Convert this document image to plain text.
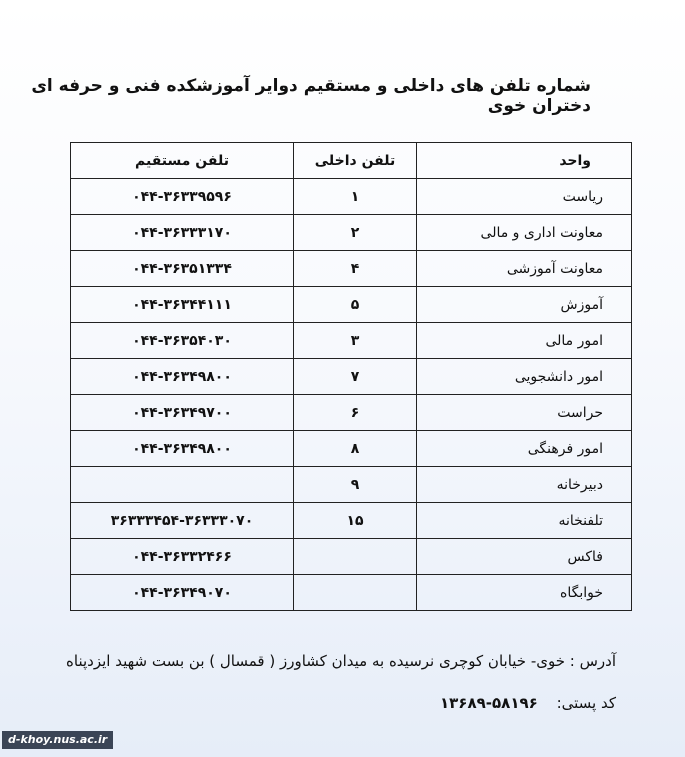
شماره تلفن های داخلی و مستقیم دوایر آموزشکده فنی و حرفه ای دختران خوی
واحد	تلفن داخلی	تلفن مستقیم
ریاست	۱	۰۴۴-۳۶۳۳۹۵۹۶
معاونت اداری و مالی	۲	۰۴۴-۳۶۳۳۳۱۷۰
معاونت آموزشی	۴	۰۴۴-۳۶۳۵۱۳۳۴
آموزش	۵	۰۴۴-۳۶۳۴۴۱۱۱
امور مالی	۳	۰۴۴-۳۶۳۵۴۰۳۰
امور دانشجویی	۷	۰۴۴-۳۶۳۴۹۸۰۰
حراست	۶	۰۴۴-۳۶۳۴۹۷۰۰
امور فرهنگی	۸	۰۴۴-۳۶۳۴۹۸۰۰
دبیرخانه	۹	
تلفنخانه	۱۵	۳۶۳۳۳۴۵۴-۳۶۳۳۳۰۷۰
فاکس		۰۴۴-۳۶۳۳۲۴۶۶
خوابگاه		۰۴۴-۳۶۳۴۹۰۷۰
آدرس : خوی- خیابان کوچری نرسیده به میدان کشاورز ( قمسال ) بن بست شهید ایزدپناه
کد پستی: ۵۸۱۹۶-۱۳۶۸۹
d-khoy.nus.ac.ir
